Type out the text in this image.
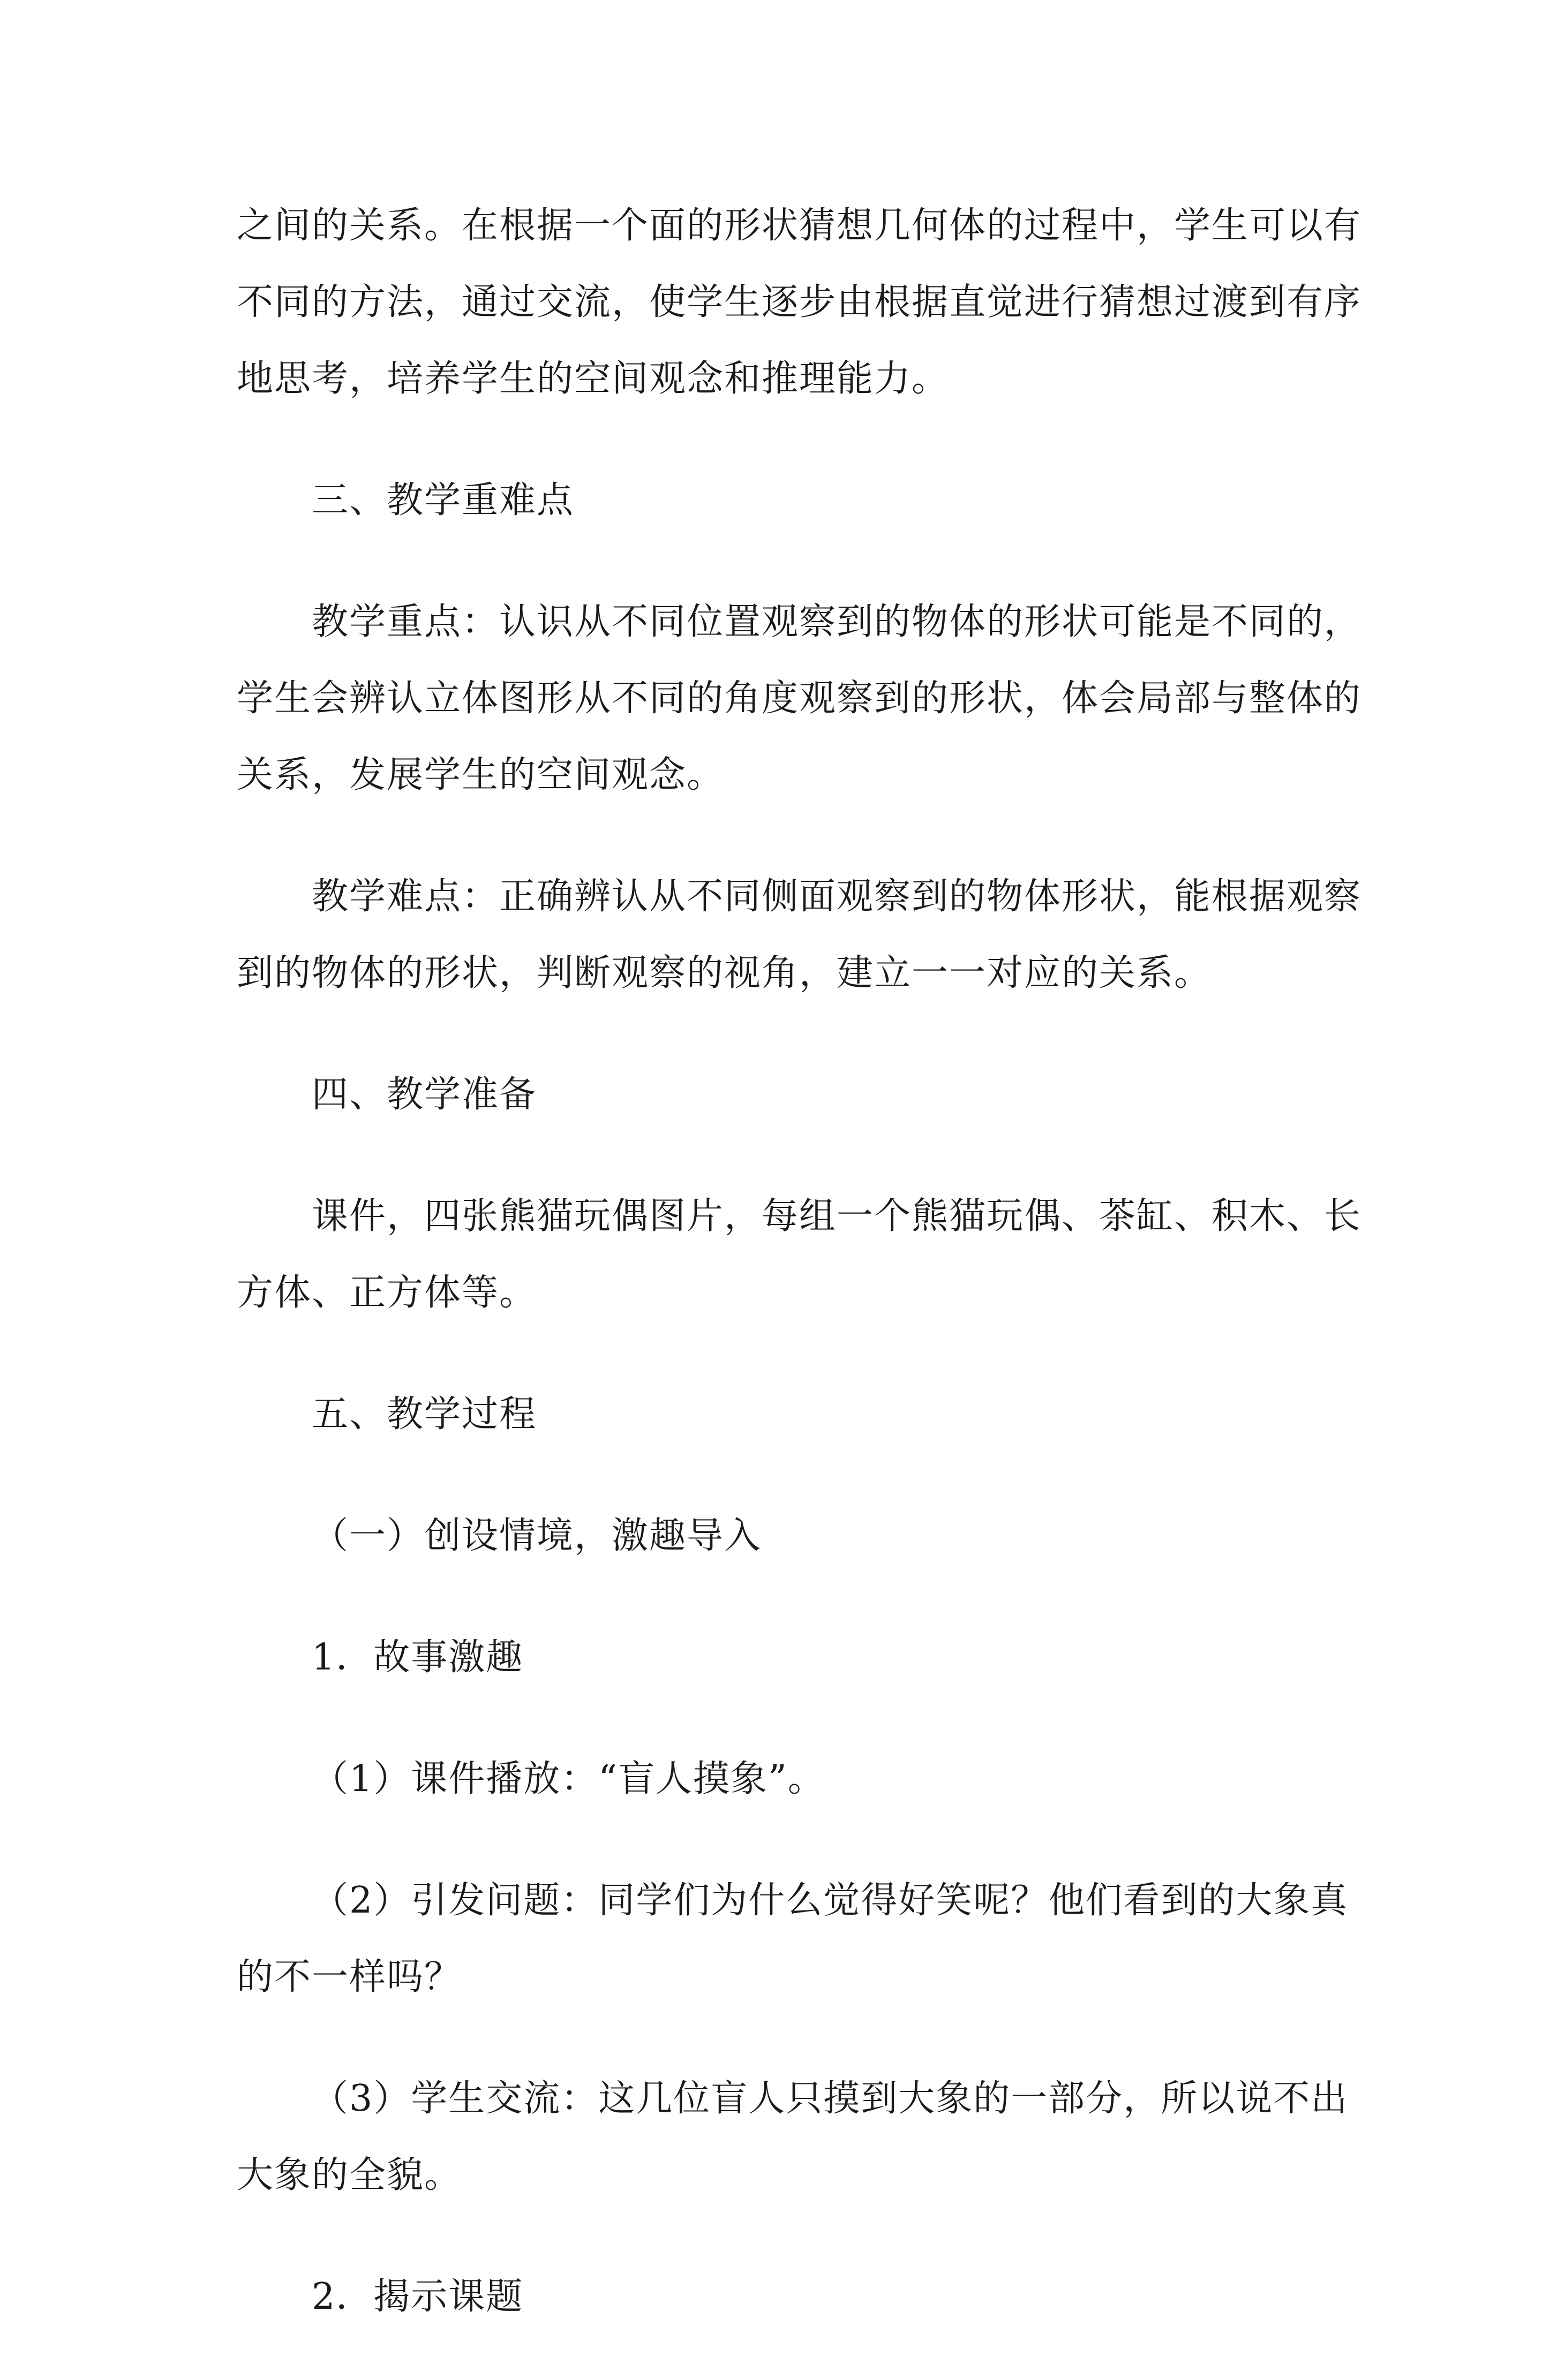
之间的关系。在根据一个面的形状猜想几何体的过程中，学生可以有
不同的方法，通过交流，使学生逐步由根据直觉进行猜想过渡到有序
地思考，培养学生的空间观念和推理能力。
三、教学重难点
教学重点：认识从不同位置观察到的物体的形状可能是不同的，
学生会辨认立体图形从不同的角度观察到的形状，体会局部与整体的
关系，发展学生的空间观念。
教学难点：正确辨认从不同侧面观察到的物体形状，能根据观察
到的物体的形状，判断观察的视角，建立一一对应的关系。
四、教学准备
课件，四张熊猫玩偶图片，每组一个熊猫玩偶、茶缸、积木、长
方体、正方体等。
五、教学过程
（一）创设情境，激趣导入
1．故事激趣
（1）课件播放：“盲人摸象”。
（2）引发问题：同学们为什么觉得好笑呢？他们看到的大象真
的不一样吗？
（3）学生交流：这几位盲人只摸到大象的一部分，所以说不出
大象的全貌。
2．揭示课题
